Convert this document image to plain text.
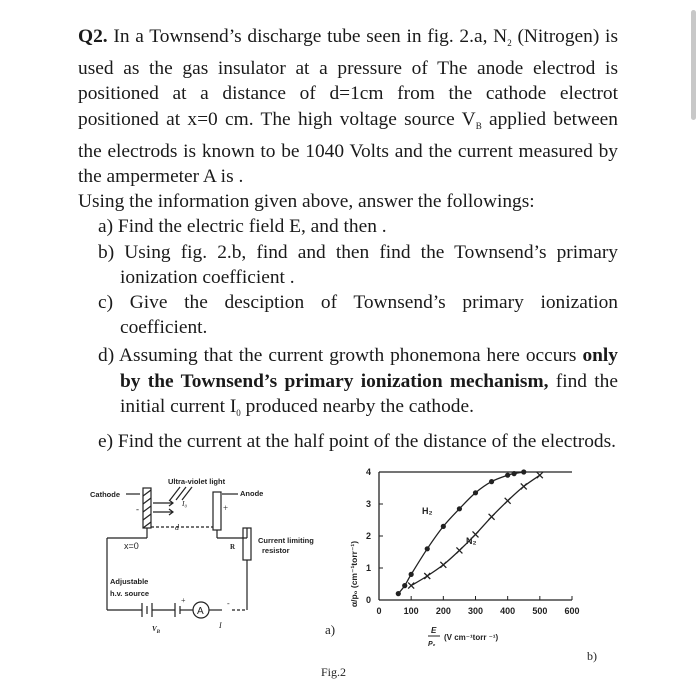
Q2. In a Townsend’s discharge tube seen in fig. 2.a, $N_2$ (Nitrogen) is used as the gas insulator at a pressure of The anode electrod is positioned at a distance of d=1cm from the cathode electrot positioned at x=0 cm. The high voltage source $V_B$ applied between the electrods is known to be 1040 Volts and the current measured by the ampermeter A is .

Using the information given above, answer the followings:

a) Find the electric field E, and then .
b) Using fig. 2.b, find and then find the Townsend’s primary ionization coefficient .
c) Give the desciption of Townsend’s primary ionization coefficient.
d) Assuming that the current growth phonemona here occurs only by the Townsend’s primary ionization mechanism, find the initial current $I_0$ produced nearby the cathode.
e) Find the current at the half point of the distance of the electrods.
Ultra-violet light
Cathode	Anode
-
I₀	+
d
x=0	R
Current limiting
resistor
Adjustable
h.v. source
+
$V_B$
A
-
I	a)
0 100 200 300 400 500 600
0
1
2
3
4
H₂
N₂
α/p₀ (cm⁻¹torr⁻¹)
E
P₀
(V cm⁻¹torr ⁻¹)
b)
Fig.2
